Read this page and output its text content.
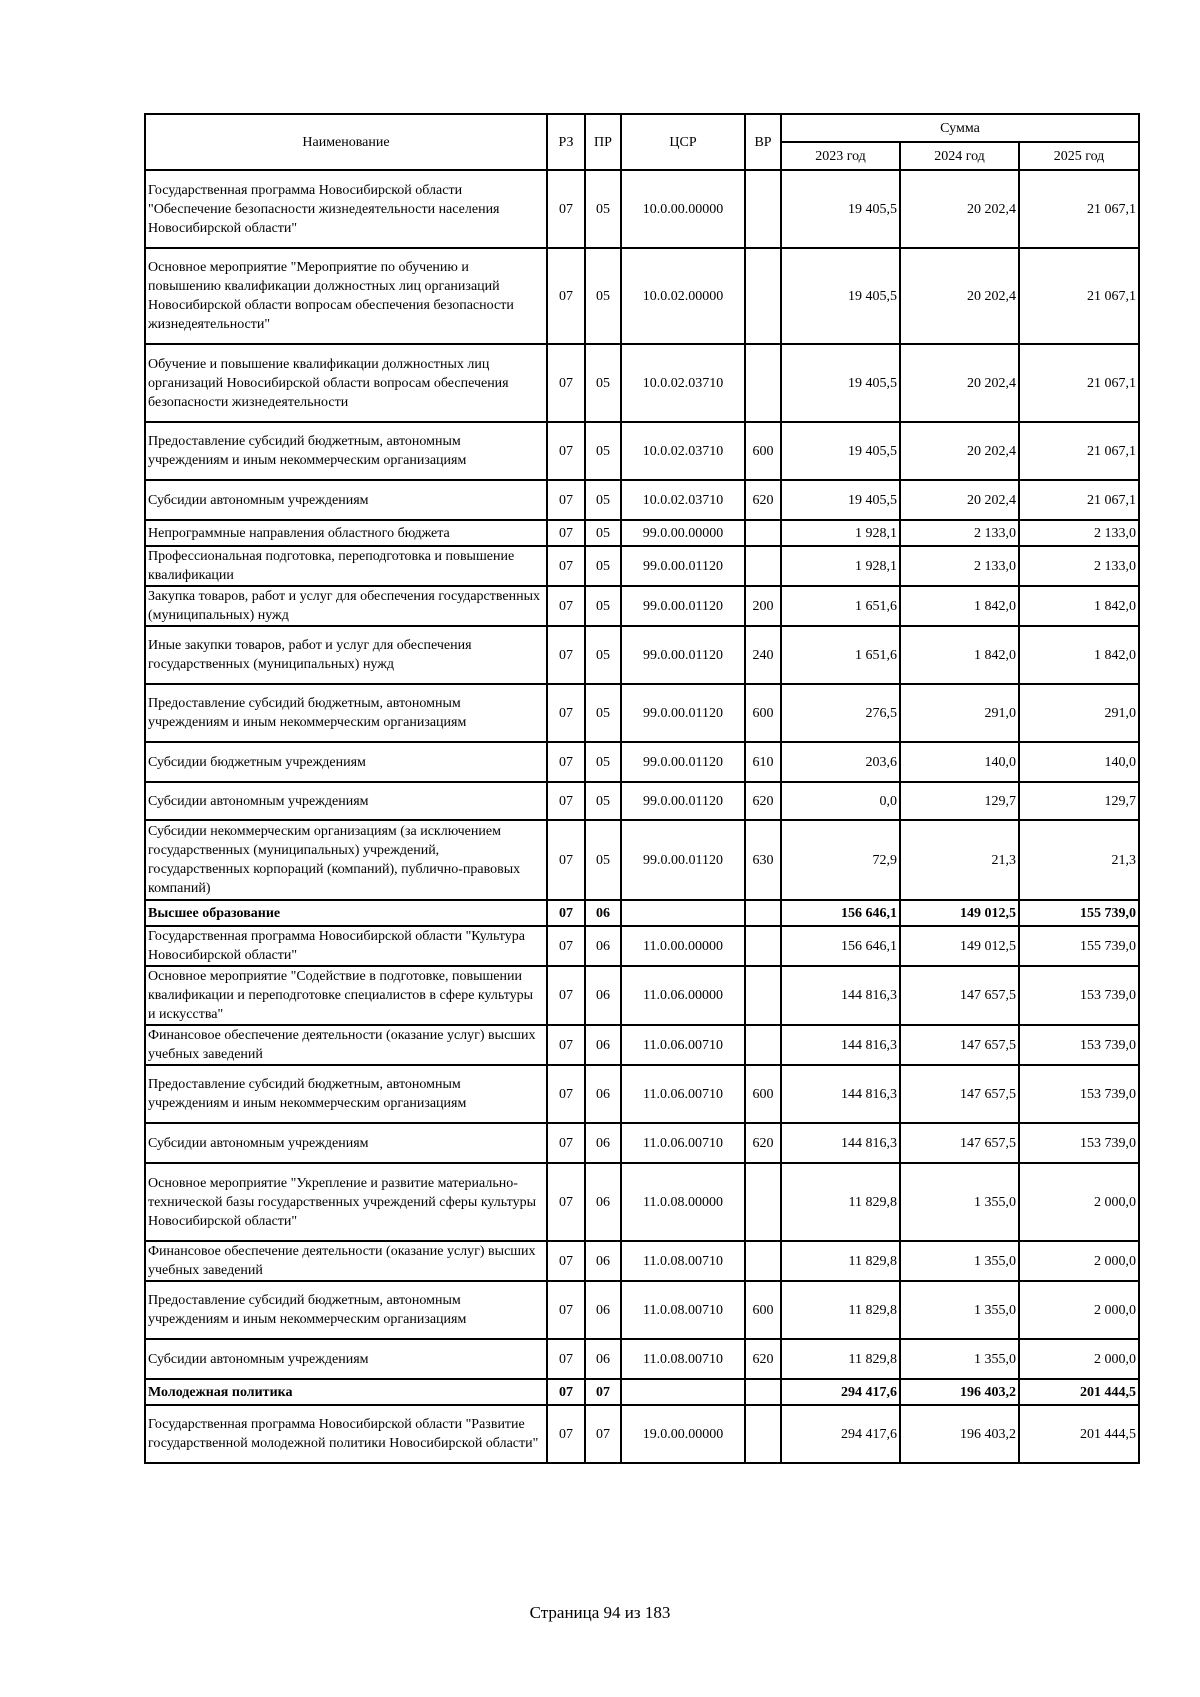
Наименование	РЗ	ПР	ЦСР	ВР	Сумма		
					2023 год	2024 год	2025 год
Государственная программа Новосибирской области "Обеспечение безопасности жизнедеятельности населения Новосибирской области"	07	05	10.0.00.00000		19 405,5	20 202,4	21 067,1
Основное мероприятие "Мероприятие по обучению и повышению квалификации должностных лиц организаций Новосибирской области вопросам обеспечения безопасности жизнедеятельности"	07	05	10.0.02.00000		19 405,5	20 202,4	21 067,1
Обучение и повышение квалификации должностных лиц организаций Новосибирской области вопросам обеспечения безопасности жизнедеятельности	07	05	10.0.02.03710		19 405,5	20 202,4	21 067,1
Предоставление субсидий бюджетным, автономным учреждениям и иным некоммерческим организациям	07	05	10.0.02.03710	600	19 405,5	20 202,4	21 067,1
Субсидии автономным учреждениям	07	05	10.0.02.03710	620	19 405,5	20 202,4	21 067,1
Непрограммные направления областного бюджета	07	05	99.0.00.00000		1 928,1	2 133,0	2 133,0
Профессиональная подготовка, переподготовка и повышение квалификации	07	05	99.0.00.01120		1 928,1	2 133,0	2 133,0
Закупка товаров, работ и услуг для обеспечения государственных (муниципальных) нужд	07	05	99.0.00.01120	200	1 651,6	1 842,0	1 842,0
Иные закупки товаров, работ и услуг для обеспечения государственных (муниципальных) нужд	07	05	99.0.00.01120	240	1 651,6	1 842,0	1 842,0
Предоставление субсидий бюджетным, автономным учреждениям и иным некоммерческим организациям	07	05	99.0.00.01120	600	276,5	291,0	291,0
Субсидии бюджетным учреждениям	07	05	99.0.00.01120	610	203,6	140,0	140,0
Субсидии автономным учреждениям	07	05	99.0.00.01120	620	0,0	129,7	129,7
Субсидии некоммерческим организациям (за исключением государственных (муниципальных) учреждений, государственных корпораций (компаний), публично-правовых компаний)	07	05	99.0.00.01120	630	72,9	21,3	21,3
Высшее образование	07	06			156 646,1	149 012,5	155 739,0
Государственная программа Новосибирской области "Культура Новосибирской области"	07	06	11.0.00.00000		156 646,1	149 012,5	155 739,0
Основное мероприятие "Содействие в подготовке, повышении квалификации и переподготовке специалистов в сфере культуры и искусства"	07	06	11.0.06.00000		144 816,3	147 657,5	153 739,0
Финансовое обеспечение деятельности (оказание услуг) высших учебных заведений	07	06	11.0.06.00710		144 816,3	147 657,5	153 739,0
Предоставление субсидий бюджетным, автономным учреждениям и иным некоммерческим организациям	07	06	11.0.06.00710	600	144 816,3	147 657,5	153 739,0
Субсидии автономным учреждениям	07	06	11.0.06.00710	620	144 816,3	147 657,5	153 739,0
Основное мероприятие "Укрепление и развитие материально-технической базы государственных учреждений сферы культуры Новосибирской области"	07	06	11.0.08.00000		11 829,8	1 355,0	2 000,0
Финансовое обеспечение деятельности (оказание услуг) высших учебных заведений	07	06	11.0.08.00710		11 829,8	1 355,0	2 000,0
Предоставление субсидий бюджетным, автономным учреждениям и иным некоммерческим организациям	07	06	11.0.08.00710	600	11 829,8	1 355,0	2 000,0
Субсидии автономным учреждениям	07	06	11.0.08.00710	620	11 829,8	1 355,0	2 000,0
Молодежная политика	07	07			294 417,6	196 403,2	201 444,5
Государственная программа Новосибирской области "Развитие государственной молодежной политики Новосибирской области"	07	07	19.0.00.00000		294 417,6	196 403,2	201 444,5
Страница 94 из 183
